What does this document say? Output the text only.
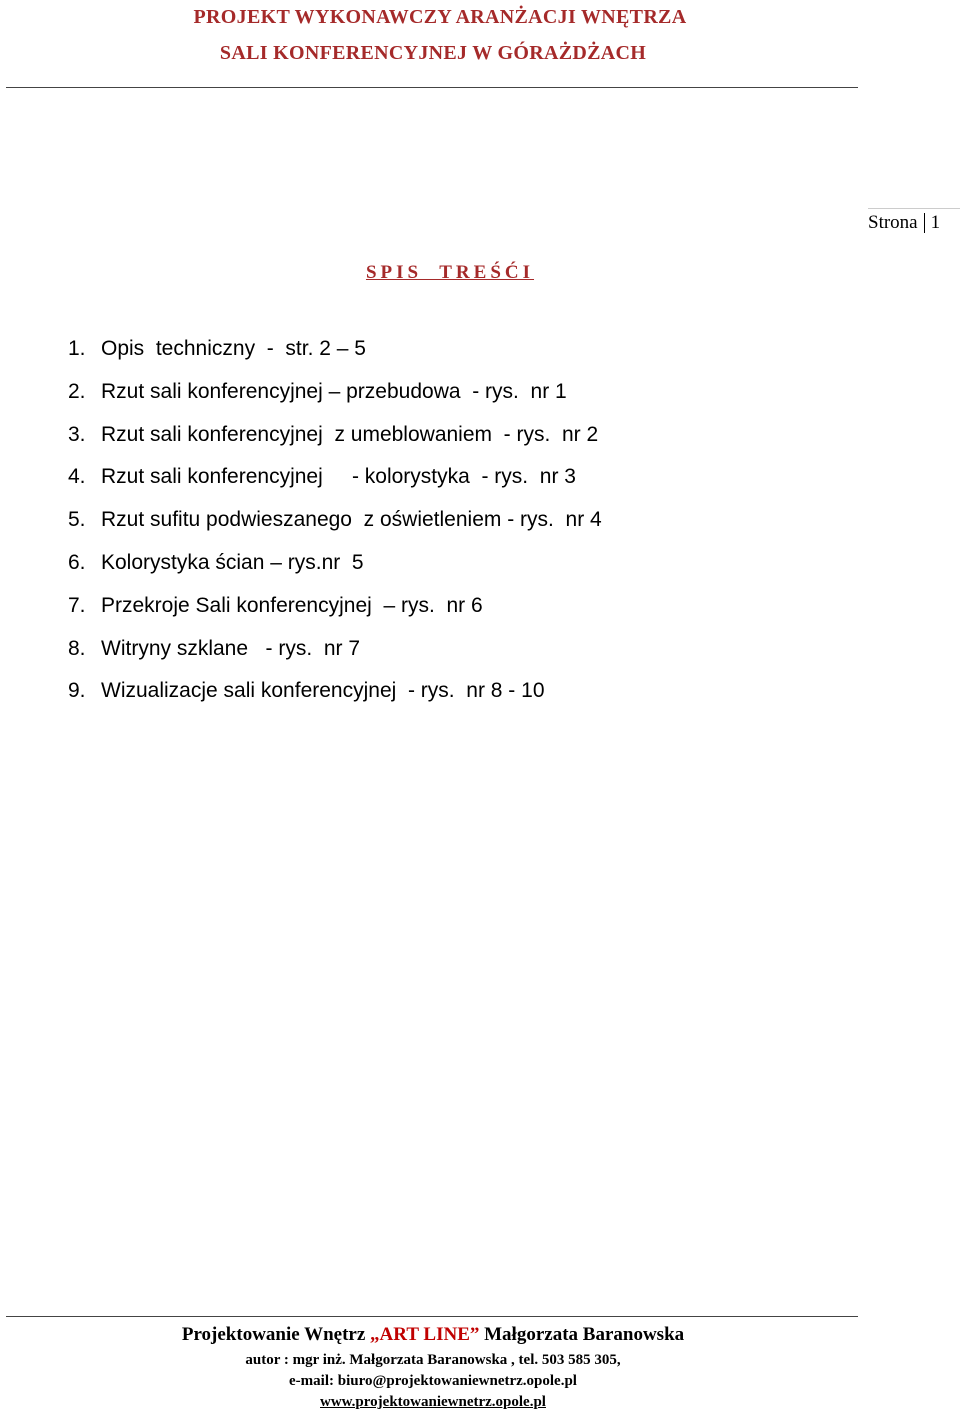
PROJEKT WYKONAWCZY ARANŻACJI WNĘTRZA
SALI KONFERENCYJNEJ W GÓRAŻDŻACH
Strona 1
SPIS  TREŚĆI
1. Opis  techniczny  -  str. 2 – 5
2. Rzut sali konferencyjnej – przebudowa  - rys.  nr 1
3. Rzut sali konferencyjnej  z umeblowaniem  - rys.  nr 2
4. Rzut sali konferencyjnej     - kolorystyka  - rys.  nr 3
5. Rzut sufitu podwieszanego  z oświetleniem - rys.  nr 4
6. Kolorystyka ścian – rys.nr  5
7. Przekroje Sali konferencyjnej  – rys.  nr 6
8. Witryny szklane   - rys.  nr 7
9. Wizualizacje sali konferencyjnej  - rys.  nr 8 - 10
Projektowanie Wnętrz „ART LINE” Małgorzata Baranowska
autor : mgr inż. Małgorzata Baranowska , tel. 503 585 305,
e-mail: biuro@projektowaniewnetrz.opole.pl
www.projektowaniewnetrz.opole.pl
